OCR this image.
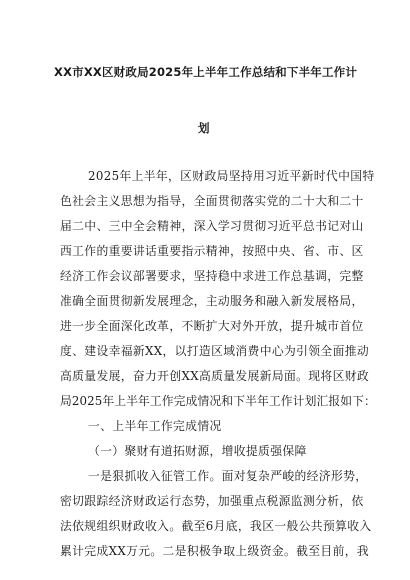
XX市XX区财政局2025年上半年工作总结和下半年工作计
划
2025年上半年，区财政局坚持用习近平新时代中国特
色社会主义思想为指导，全面贯彻落实党的二十大和二十
届二中、三中全会精神，深入学习贯彻习近平总书记对山
西工作的重要讲话重要指示精神，按照中央、省、市、区
经济工作会议部署要求，坚持稳中求进工作总基调，完整
准确全面贯彻新发展理念，主动服务和融入新发展格局，
进一步全面深化改革，不断扩大对外开放，提升城市首位
度、建设幸福新XX，以打造区域消费中心为引领全面推动
高质量发展，奋力开创XX高质量发展新局面。现将区财政
局2025年上半年工作完成情况和下半年工作计划汇报如下：
一、上半年工作完成情况
（一）聚财有道拓财源，增收提质强保障
一是狠抓收入征管工作。面对复杂严峻的经济形势，
密切跟踪经济财政运行态势，加强重点税源监测分析，依
法依规组织财政收入。截至6月底，我区一般公共预算收入
累计完成XX万元。二是积极争取上级资金。截至目前，我
